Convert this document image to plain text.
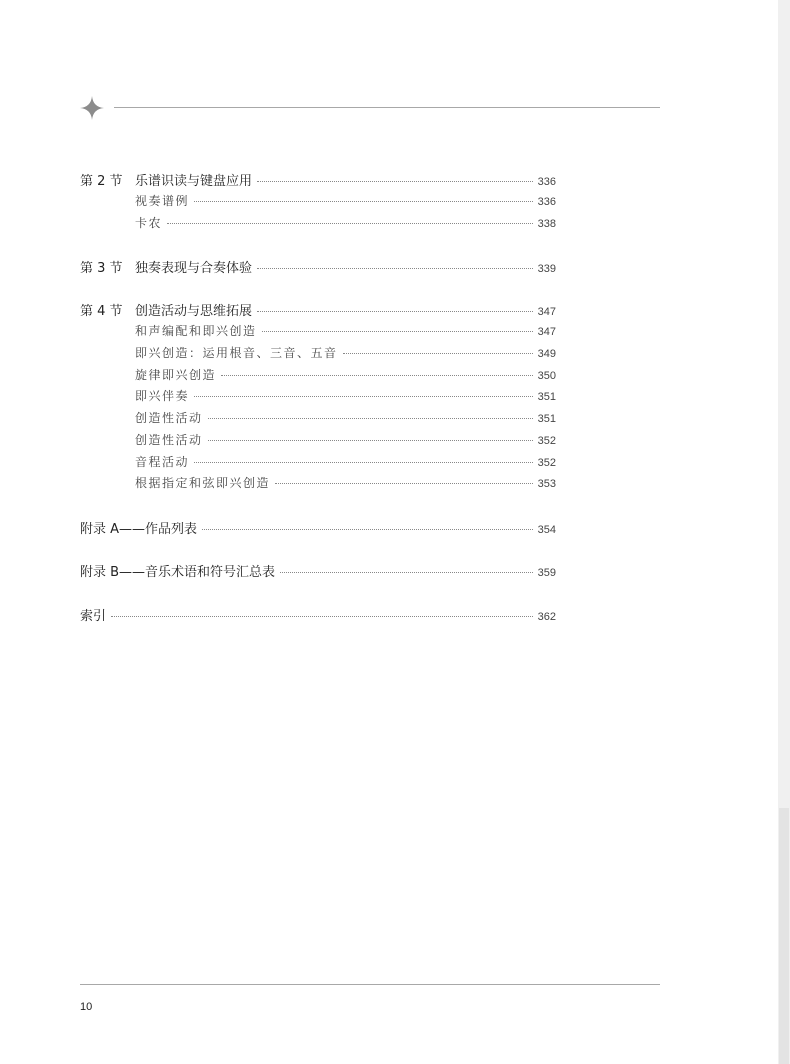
第 2 节 乐谱识读与键盘应用	336
视奏谱例	336
卡农	338
第 3 节 独奏表现与合奏体验	339
第 4 节 创造活动与思维拓展	347
和声编配和即兴创造	347
即兴创造：运用根音、三音、五音	349
旋律即兴创造	350
即兴伴奏	351
创造性活动	351
创造性活动	352
音程活动	352
根据指定和弦即兴创造	353
附录 A——作品列表	354
附录 B——音乐术语和符号汇总表	359
索引	362
10
